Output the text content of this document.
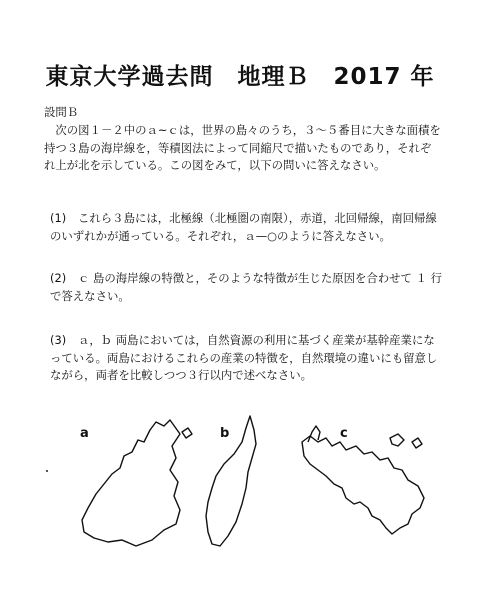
東京大学過去問　地理Ｂ　2017 年
設問Ｂ

次の図１－２中のａ~ｃは，世界の島々のうち，３～５番目に大きな面積を持つ３島の海岸線を，等積図法によって同縮尺で描いたものであり，それぞれ上が北を示している。この図をみて，以下の問いに答えなさい。

(1) これら３島には，北極線（北極圏の南限），赤道，北回帰線，南回帰線のいずれかが通っている。それぞれ，ａ—○のように答えなさい。
(2) ｃ 島の海岸線の特徴と，そのような特徴が生じた原因を合わせて １ 行で答えなさい。
(3) ａ，ｂ 両島においては，自然資源の利用に基づく産業が基幹産業になっている。両島におけるこれらの産業の特徴を，自然環境の違いにも留意しながら，両者を比較しつつ３行以内で述べなさい。
a	b	c
